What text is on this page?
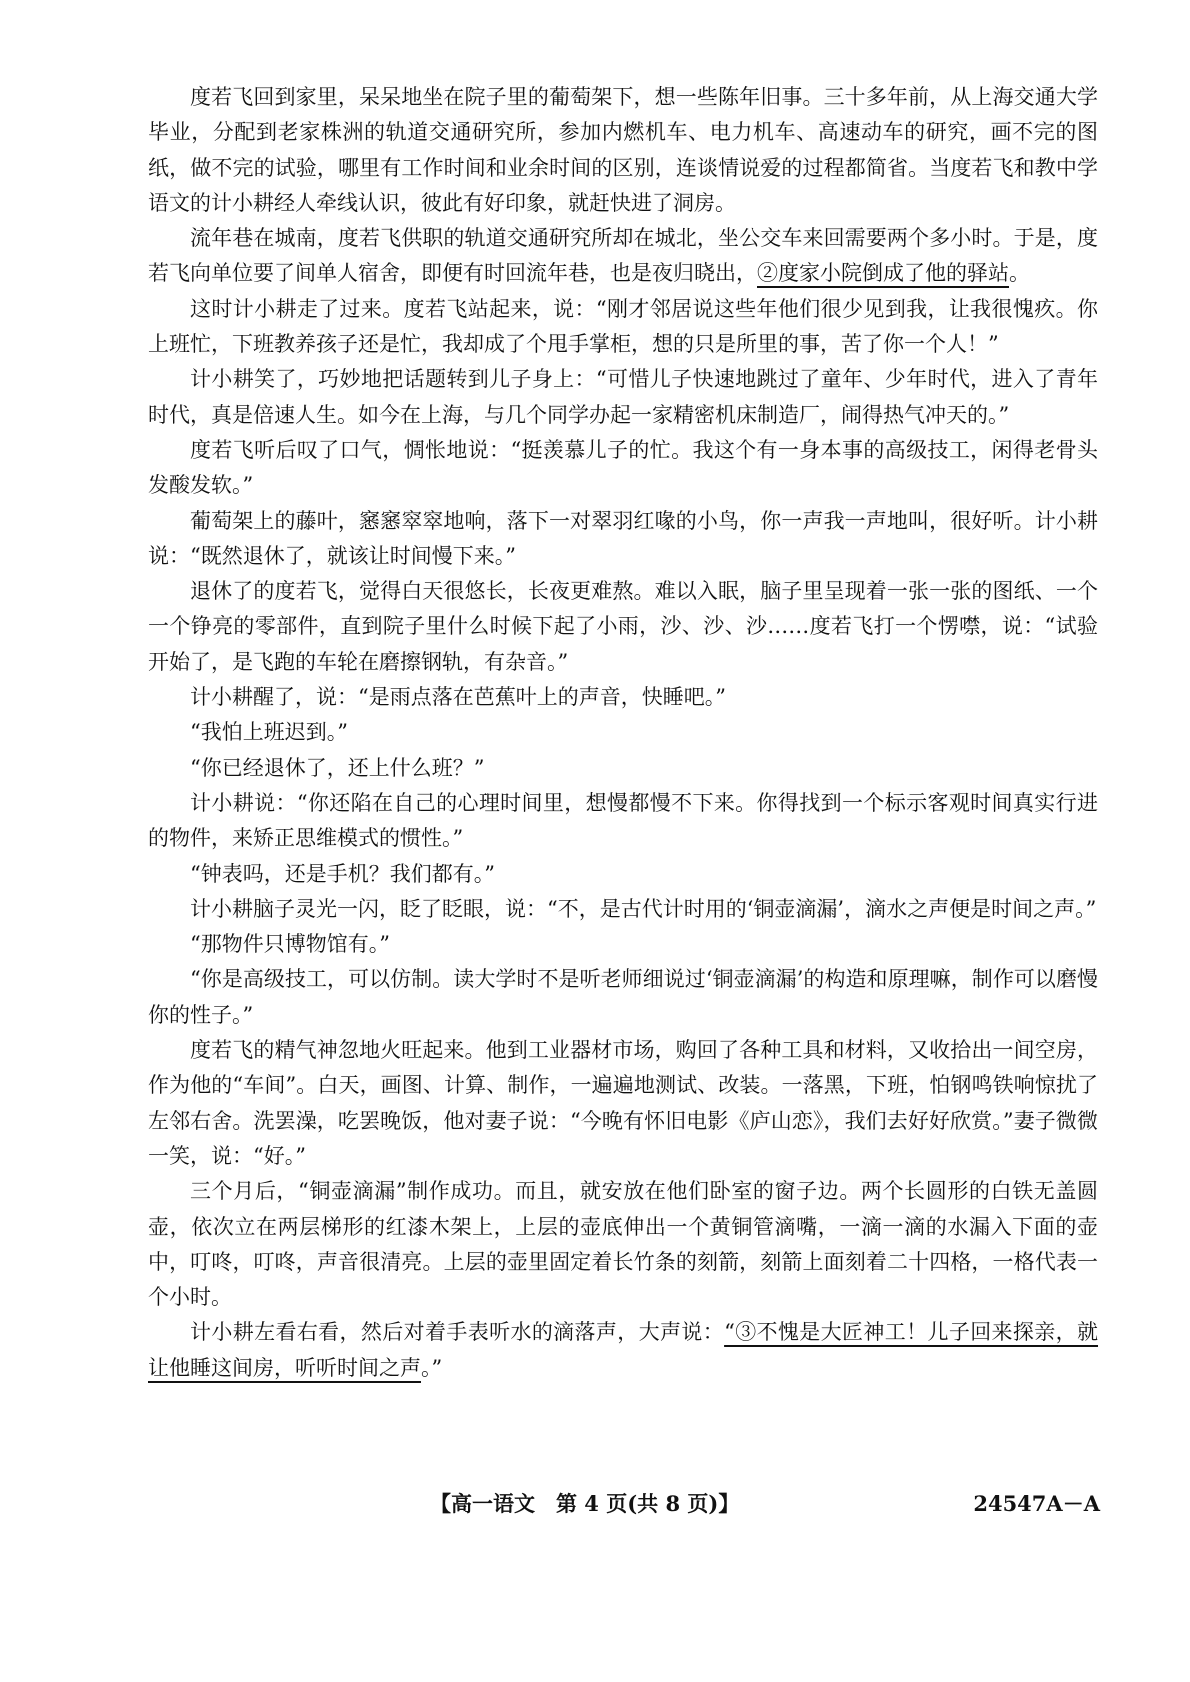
度若飞回到家里，呆呆地坐在院子里的葡萄架下，想一些陈年旧事。三十多年前，从上海交通大学毕业，分配到老家株洲的轨道交通研究所，参加内燃机车、电力机车、高速动车的研究，画不完的图纸，做不完的试验，哪里有工作时间和业余时间的区别，连谈情说爱的过程都简省。当度若飞和教中学语文的计小耕经人牵线认识，彼此有好印象，就赶快进了洞房。

流年巷在城南，度若飞供职的轨道交通研究所却在城北，坐公交车来回需要两个多小时。于是，度若飞向单位要了间单人宿舍，即便有时回流年巷，也是夜归晓出，②度家小院倒成了他的驿站。

这时计小耕走了过来。度若飞站起来，说：“刚才邻居说这些年他们很少见到我，让我很愧疚。你上班忙，下班教养孩子还是忙，我却成了个甩手掌柜，想的只是所里的事，苦了你一个人！”

计小耕笑了，巧妙地把话题转到儿子身上：“可惜儿子快速地跳过了童年、少年时代，进入了青年时代，真是倍速人生。如今在上海，与几个同学办起一家精密机床制造厂，闹得热气冲天的。”

度若飞听后叹了口气，惆怅地说：“挺羡慕儿子的忙。我这个有一身本事的高级技工，闲得老骨头发酸发软。”

葡萄架上的藤叶，窸窸窣窣地响，落下一对翠羽红喙的小鸟，你一声我一声地叫，很好听。计小耕说：“既然退休了，就该让时间慢下来。”

退休了的度若飞，觉得白天很悠长，长夜更难熬。难以入眠，脑子里呈现着一张一张的图纸、一个一个铮亮的零部件，直到院子里什么时候下起了小雨，沙、沙、沙……度若飞打一个愣噤，说：“试验开始了，是飞跑的车轮在磨擦钢轨，有杂音。”

计小耕醒了，说：“是雨点落在芭蕉叶上的声音，快睡吧。”

“我怕上班迟到。”

“你已经退休了，还上什么班？”

计小耕说：“你还陷在自己的心理时间里，想慢都慢不下来。你得找到一个标示客观时间真实行进的物件，来矫正思维模式的惯性。”

“钟表吗，还是手机？我们都有。”

计小耕脑子灵光一闪，眨了眨眼，说：“不，是古代计时用的‘铜壶滴漏’，滴水之声便是时间之声。”

“那物件只博物馆有。”

“你是高级技工，可以仿制。读大学时不是听老师细说过‘铜壶滴漏’的构造和原理嘛，制作可以磨慢你的性子。”

度若飞的精气神忽地火旺起来。他到工业器材市场，购回了各种工具和材料，又收拾出一间空房，作为他的“车间”。白天，画图、计算、制作，一遍遍地测试、改装。一落黑，下班，怕钢鸣铁响惊扰了左邻右舍。洗罢澡，吃罢晚饭，他对妻子说：“今晚有怀旧电影《庐山恋》，我们去好好欣赏。”妻子微微一笑，说：“好。”

三个月后，“铜壶滴漏”制作成功。而且，就安放在他们卧室的窗子边。两个长圆形的白铁无盖圆壶，依次立在两层梯形的红漆木架上，上层的壶底伸出一个黄铜管滴嘴，一滴一滴的水漏入下面的壶中，叮咚，叮咚，声音很清亮。上层的壶里固定着长竹条的刻箭，刻箭上面刻着二十四格，一格代表一个小时。

计小耕左看右看，然后对着手表听水的滴落声，大声说：“③不愧是大匠神工！儿子回来探亲，就让他睡这间房，听听时间之声。”

【高一语文　第 4 页(共 8 页)】	24547A－A
